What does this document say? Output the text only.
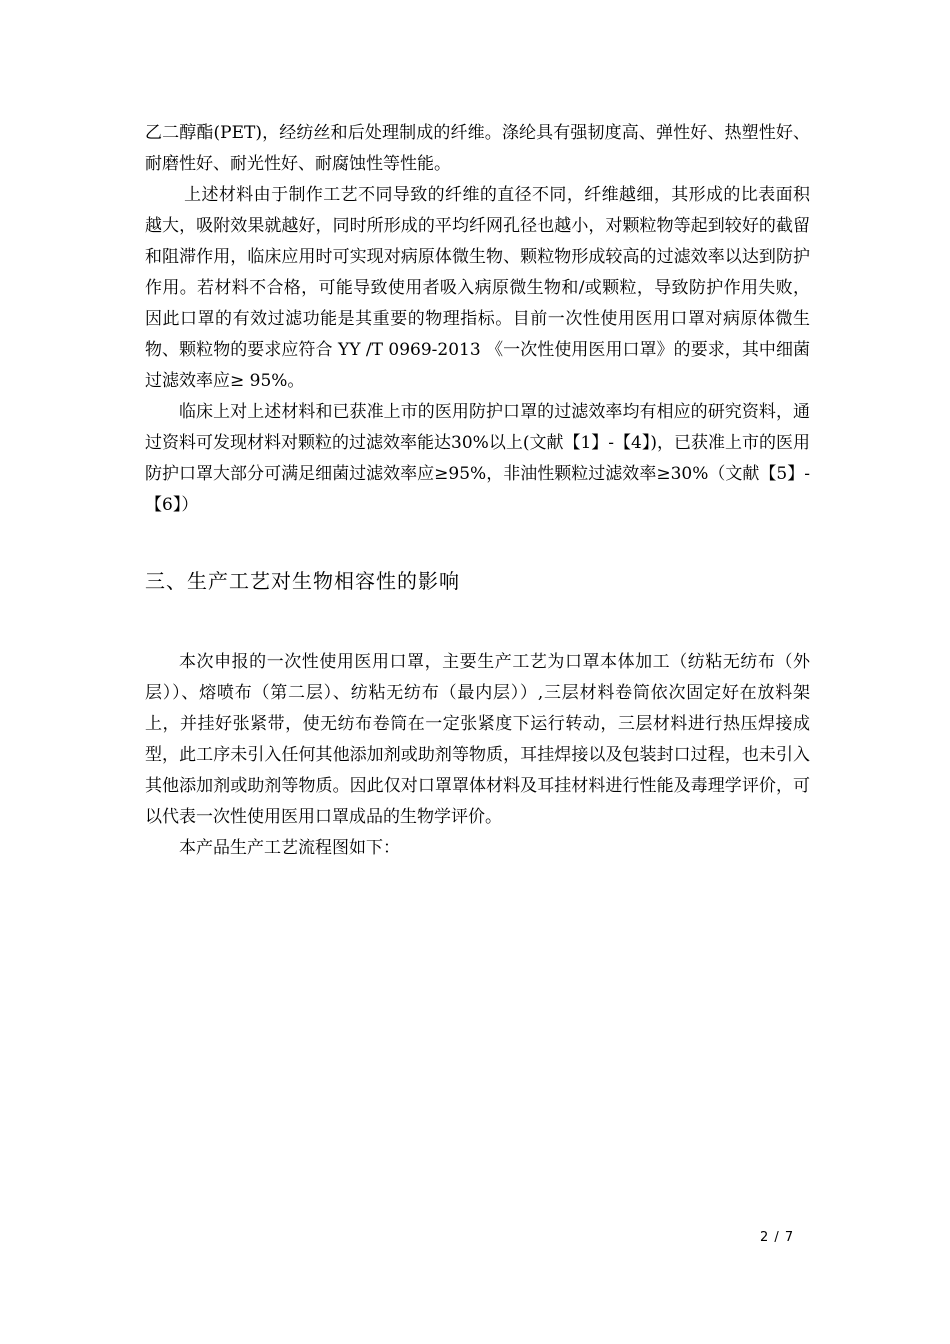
乙二醇酯(PET)，经纺丝和后处理制成的纤维。涤纶具有强韧度高、弹性好、热塑性好、耐磨性好、耐光性好、耐腐蚀性等性能。

上述材料由于制作工艺不同导致的纤维的直径不同，纤维越细，其形成的比表面积越大，吸附效果就越好，同时所形成的平均纤网孔径也越小，对颗粒物等起到较好的截留和阻滞作用，临床应用时可实现对病原体微生物、颗粒物形成较高的过滤效率以达到防护作用。若材料不合格，可能导致使用者吸入病原微生物和/或颗粒，导致防护作用失败，因此口罩的有效过滤功能是其重要的物理指标。目前一次性使用医用口罩对病原体微生物、颗粒物的要求应符合 YY /T 0969-2013 《一次性使用医用口罩》的要求，其中细菌过滤效率应≥ 95%。

临床上对上述材料和已获准上市的医用防护口罩的过滤效率均有相应的研究资料，通过资料可发现材料对颗粒的过滤效率能达30%以上(文献【1】-【4】)，已获准上市的医用防护口罩大部分可满足细菌过滤效率应≥95%，非油性颗粒过滤效率≥30%（文献【5】-【6】）

三、生产工艺对生物相容性的影响

本次申报的一次性使用医用口罩，主要生产工艺为口罩本体加工（纺粘无纺布（外层））、熔喷布（第二层）、纺粘无纺布（最内层））,三层材料卷筒依次固定好在放料架上，并挂好张紧带，使无纺布卷筒在一定张紧度下运行转动，三层材料进行热压焊接成型，此工序未引入任何其他添加剂或助剂等物质，耳挂焊接以及包装封口过程，也未引入其他添加剂或助剂等物质。因此仅对口罩罩体材料及耳挂材料进行性能及毒理学评价，可以代表一次性使用医用口罩成品的生物学评价。

本产品生产工艺流程图如下：

2 / 7
